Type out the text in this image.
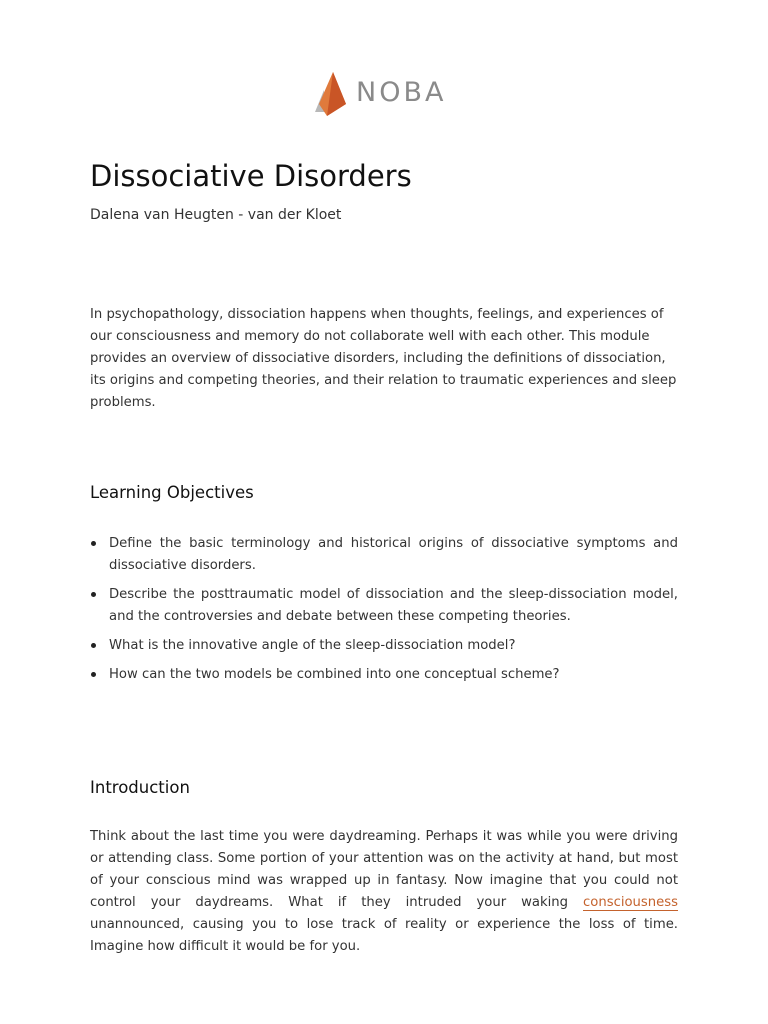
NOBA
Dissociative Disorders

Dalena van Heugten - van der Kloet

In psychopathology, dissociation happens when thoughts, feelings, and experiences of our consciousness and memory do not collaborate well with each other. This module provides an overview of dissociative disorders, including the definitions of dissociation, its origins and competing theories, and their relation to traumatic experiences and sleep problems.

Learning Objectives
Define the basic terminology and historical origins of dissociative symptoms and dissociative disorders.
Describe the posttraumatic model of dissociation and the sleep-dissociation model, and the controversies and debate between these competing theories.
What is the innovative angle of the sleep-dissociation model?
How can the two models be combined into one conceptual scheme?
Introduction

Think about the last time you were daydreaming. Perhaps it was while you were driving or attending class. Some portion of your attention was on the activity at hand, but most of your conscious mind was wrapped up in fantasy. Now imagine that you could not control your daydreams. What if they intruded your waking consciousness unannounced, causing you to lose track of reality or experience the loss of time. Imagine how difficult it would be for you.
